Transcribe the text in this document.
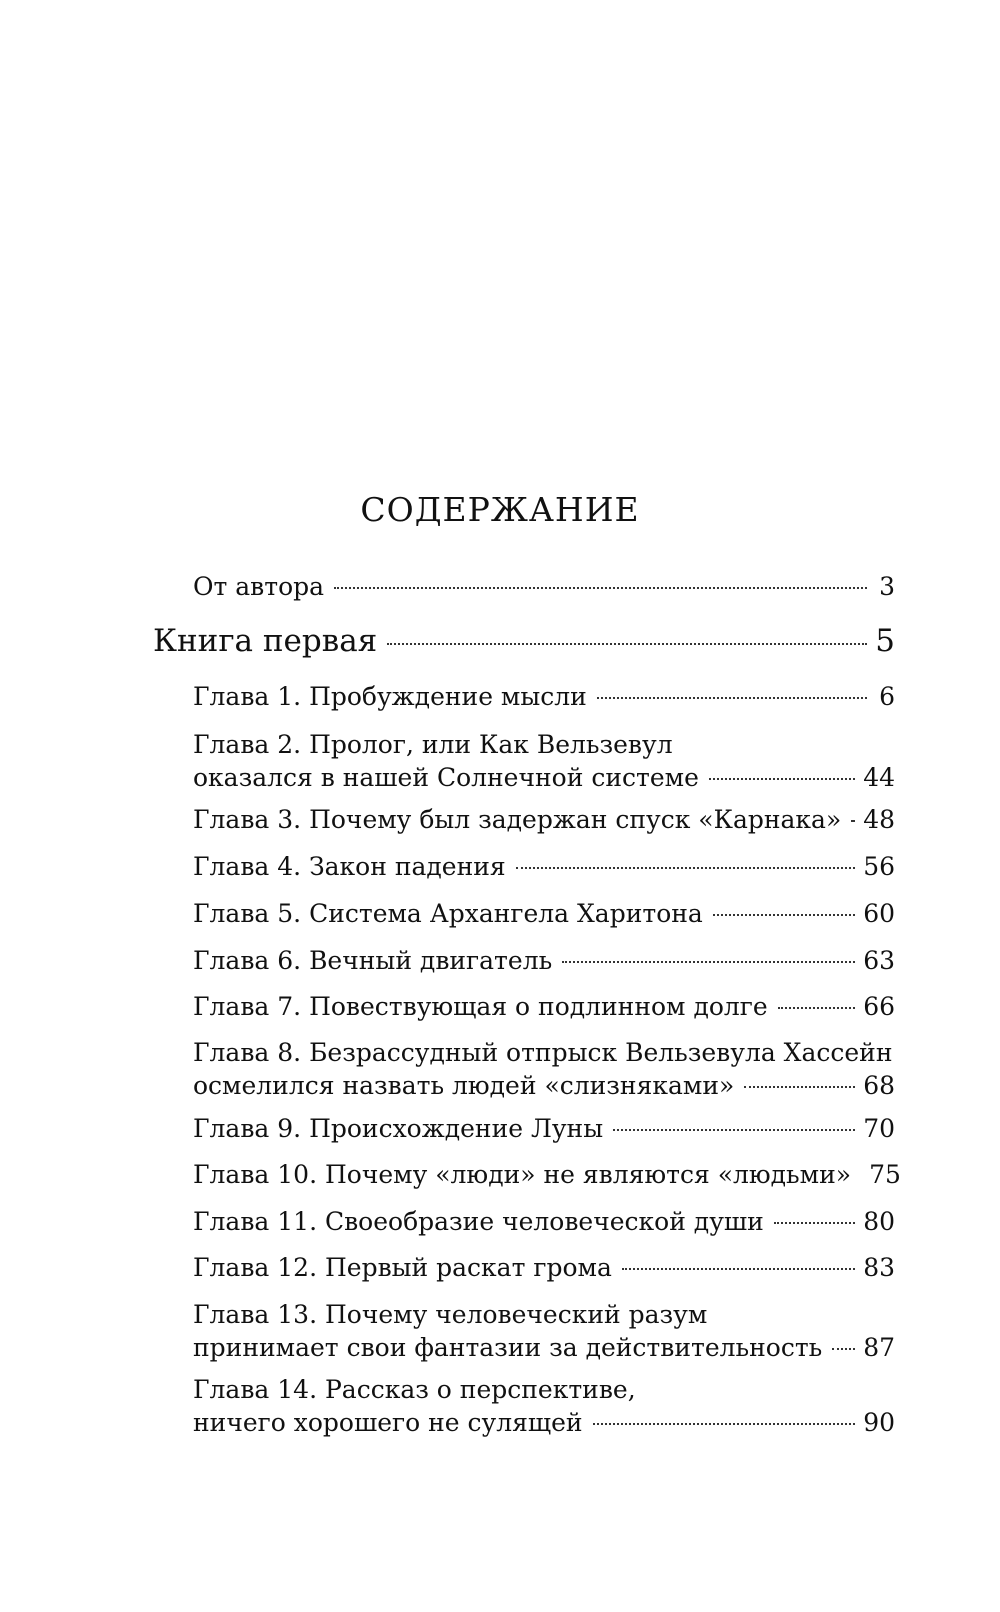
СОДЕРЖАНИЕ
От автора	3
Книга первая	5
Глава 1. Пробуждение мысли	6
Глава 2. Пролог, или Как Вельзевул
оказался в нашей Солнечной системе	44
Глава 3. Почему был задержан спуск «Карнака» 48
Глава 4. Закон падения	56
Глава 5. Система Архангела Харитона	60
Глава 6. Вечный двигатель	63
Глава 7. Повествующая о подлинном долге	66
Глава 8. Безрассудный отпрыск Вельзевула Хассейн
осмелился назвать людей «слизняками»	68
Глава 9. Происхождение Луны	70
Глава 10. Почему «люди» не являются «людьми» 75
Глава 11. Своеобразие человеческой души	80
Глава 12. Первый раскат грома	83
Глава 13. Почему человеческий разум
принимает свои фантазии за действительность 87
Глава 14. Рассказ о перспективе,
ничего хорошего не сулящей	90
